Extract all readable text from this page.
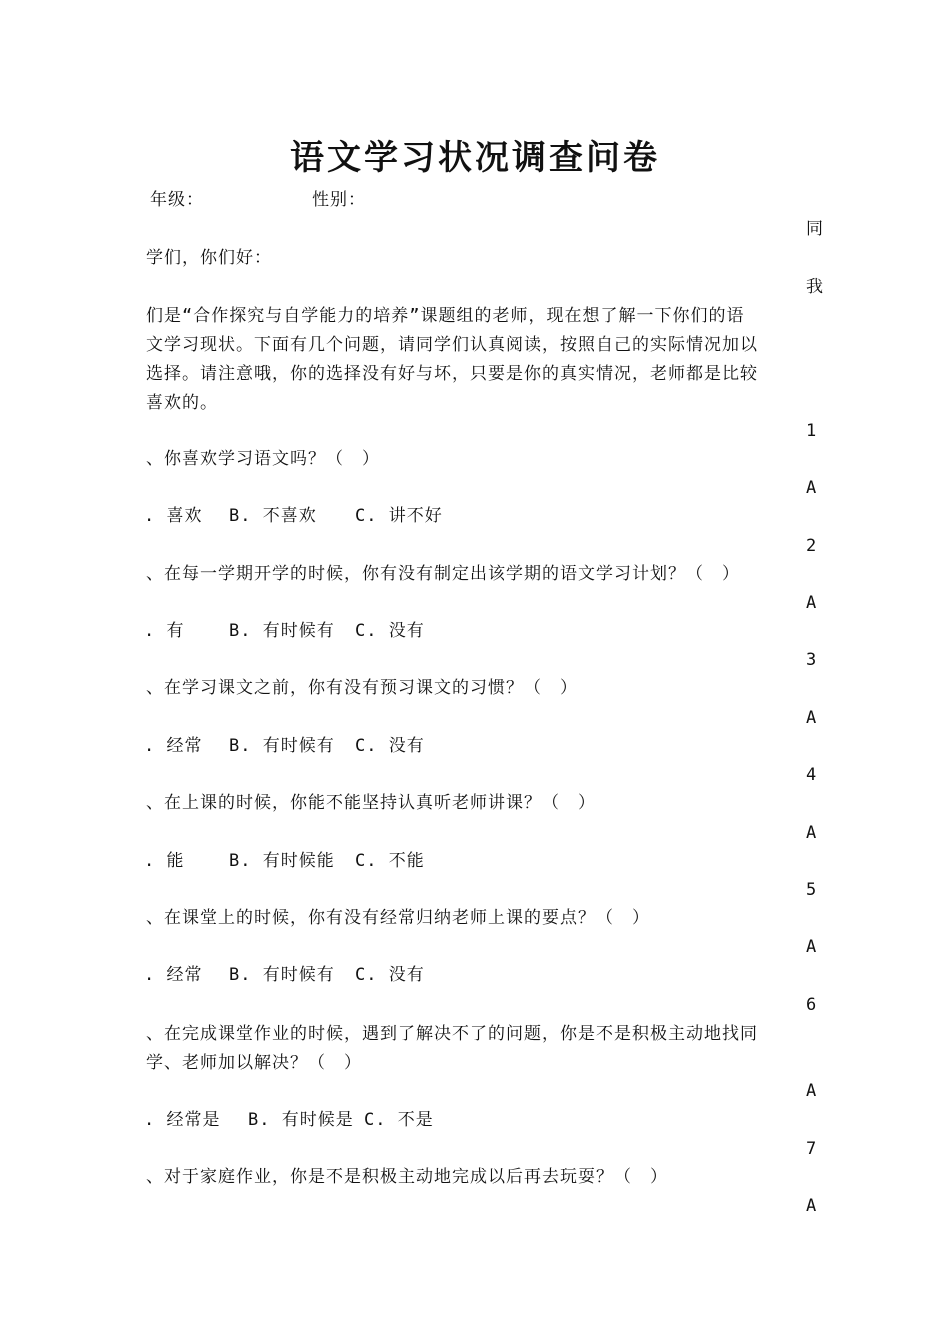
语文学习状况调查问卷

年级：	性别：

同

我

1

A

2

A

3

A

4

A

5

A

6

A

7

A

学们，你们好：

们是“合作探究与自学能力的培养”课题组的老师，现在想了解一下你们的语
文学习现状。下面有几个问题，请同学们认真阅读，按照自己的实际情况加以
选择。请注意哦，你的选择没有好与坏，只要是你的真实情况，老师都是比较
喜欢的。

、你喜欢学习语文吗？（　）

. 喜欢 B. 不喜欢 C. 讲不好

、在每一学期开学的时候，你有没有制定出该学期的语文学习计划？（　）

. 有	B. 有时候有 C. 没有

、在学习课文之前，你有没有预习课文的习惯？（　）

. 经常 B. 有时候有 C. 没有

、在上课的时候，你能不能坚持认真听老师讲课？（　）

. 能	B. 有时候能 C. 不能

、在课堂上的时候，你有没有经常归纳老师上课的要点？（　）

. 经常 B. 有时候有 C. 没有

、在完成课堂作业的时候，遇到了解决不了的问题，你是不是积极主动地找同
学、老师加以解决？（　）

. 经常是 B. 有时候是 C. 不是

、对于家庭作业，你是不是积极主动地完成以后再去玩耍？（　）
